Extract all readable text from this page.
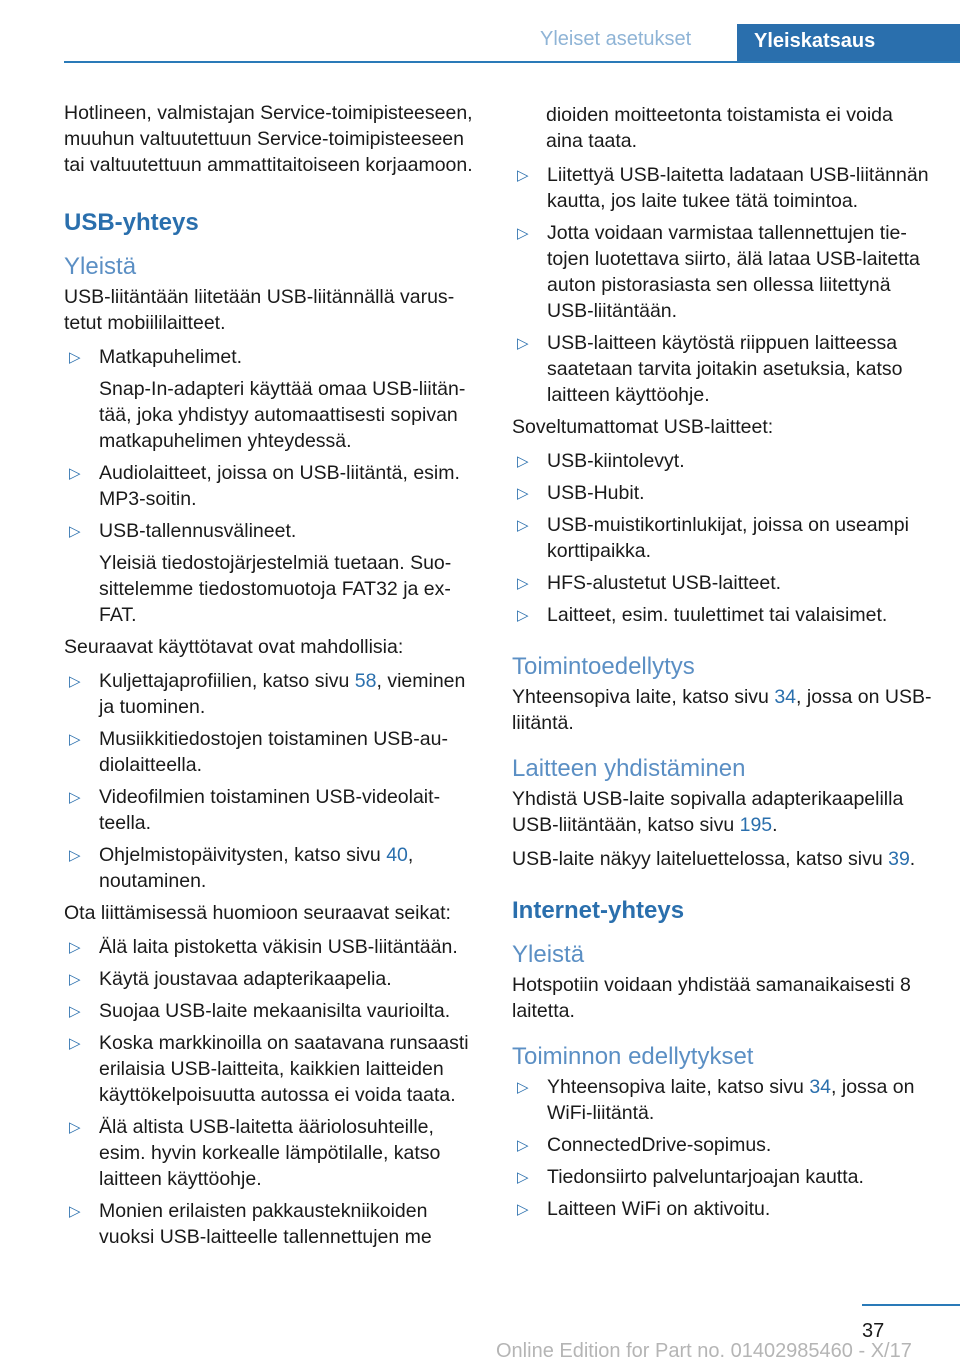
Yleiset asetukset	Yleiskatsaus

Hotlineen, valmistajan Service-toimipisteeseen, muuhun valtuutettuun Service-toimipisteeseen tai valtuutettuun ammattitaitoiseen korjaamoon.

USB-yhteys
Yleistä

USB-liitäntään liitetään USB-liitännällä varustetut mobiililaitteet.

▷ Matkapuhelimet.
Snap-In-adapteri käyttää omaa USB-liitäntää, joka yhdistyy automaattisesti sopivan matkapuhelimen yhteydessä.
▷ Audiolaitteet, joissa on USB-liitäntä, esim. MP3-soitin.
▷ USB-tallennusvälineet.
Yleisiä tiedostojärjestelmiä tuetaan. Suosittelemme tiedostomuotoja FAT32 ja exFAT.

Seuraavat käyttötavat ovat mahdollisia:

▷ Kuljettajaprofiilien, katso sivu 58, vieminen ja tuominen.
▷ Musiikkitiedostojen toistaminen USB-audiolaitteella.
▷ Videofilmien toistaminen USB-videolaitteella.
▷ Ohjelmistopäivitysten, katso sivu 40, noutaminen.

Ota liittämisessä huomioon seuraavat seikat:

▷ Älä laita pistoketta väkisin USB-liitäntään.
▷ Käytä joustavaa adapterikaapelia.
▷ Suojaa USB-laite mekaanisilta vaurioilta.
▷ Koska markkinoilla on saatavana runsaasti erilaisia USB-laitteita, kaikkien laitteiden käyttökelpoisuutta autossa ei voida taata.
▷ Älä altista USB-laitetta ääriolosuhteille, esim. hyvin korkealle lämpötilalle, katso laitteen käyttöohje.
▷ Monien erilaisten pakkaustekniikoiden vuoksi USB-laitteelle tallennettujen me

dioiden moitteetonta toistamista ei voida aina taata.

▷ Liitettyä USB-laitetta ladataan USB-liitännän kautta, jos laite tukee tätä toimintoa.
▷ Jotta voidaan varmistaa tallennettujen tietojen luotettava siirto, älä lataa USB-laitetta auton pistorasiasta sen ollessa liitettynä USB-liitäntään.
▷ USB-laitteen käytöstä riippuen laitteessa saatetaan tarvita joitakin asetuksia, katso laitteen käyttöohje.

Soveltumattomat USB-laitteet:

▷ USB-kiintolevyt.
▷ USB-Hubit.
▷ USB-muistikortinlukijat, joissa on useampi korttipaikka.
▷ HFS-alustetut USB-laitteet.
▷ Laitteet, esim. tuulettimet tai valaisimet.
Toimintoedellytys

Yhteensopiva laite, katso sivu 34, jossa on USB-liitäntä.

Laitteen yhdistäminen

Yhdistä USB-laite sopivalla adapterikaapelilla USB-liitäntään, katso sivu 195.

USB-laite näkyy laiteluettelossa, katso sivu 39.

Internet-yhteys
Yleistä

Hotspotiin voidaan yhdistää samanaikaisesti 8 laitetta.

Toiminnon edellytykset
▷ Yhteensopiva laite, katso sivu 34, jossa on WiFi-liitäntä.
▷ ConnectedDrive-sopimus.
▷ Tiedonsiirto palveluntarjoajan kautta.
▷ Laitteen WiFi on aktivoitu.
37
Online Edition for Part no. 01402985460 - X/17
